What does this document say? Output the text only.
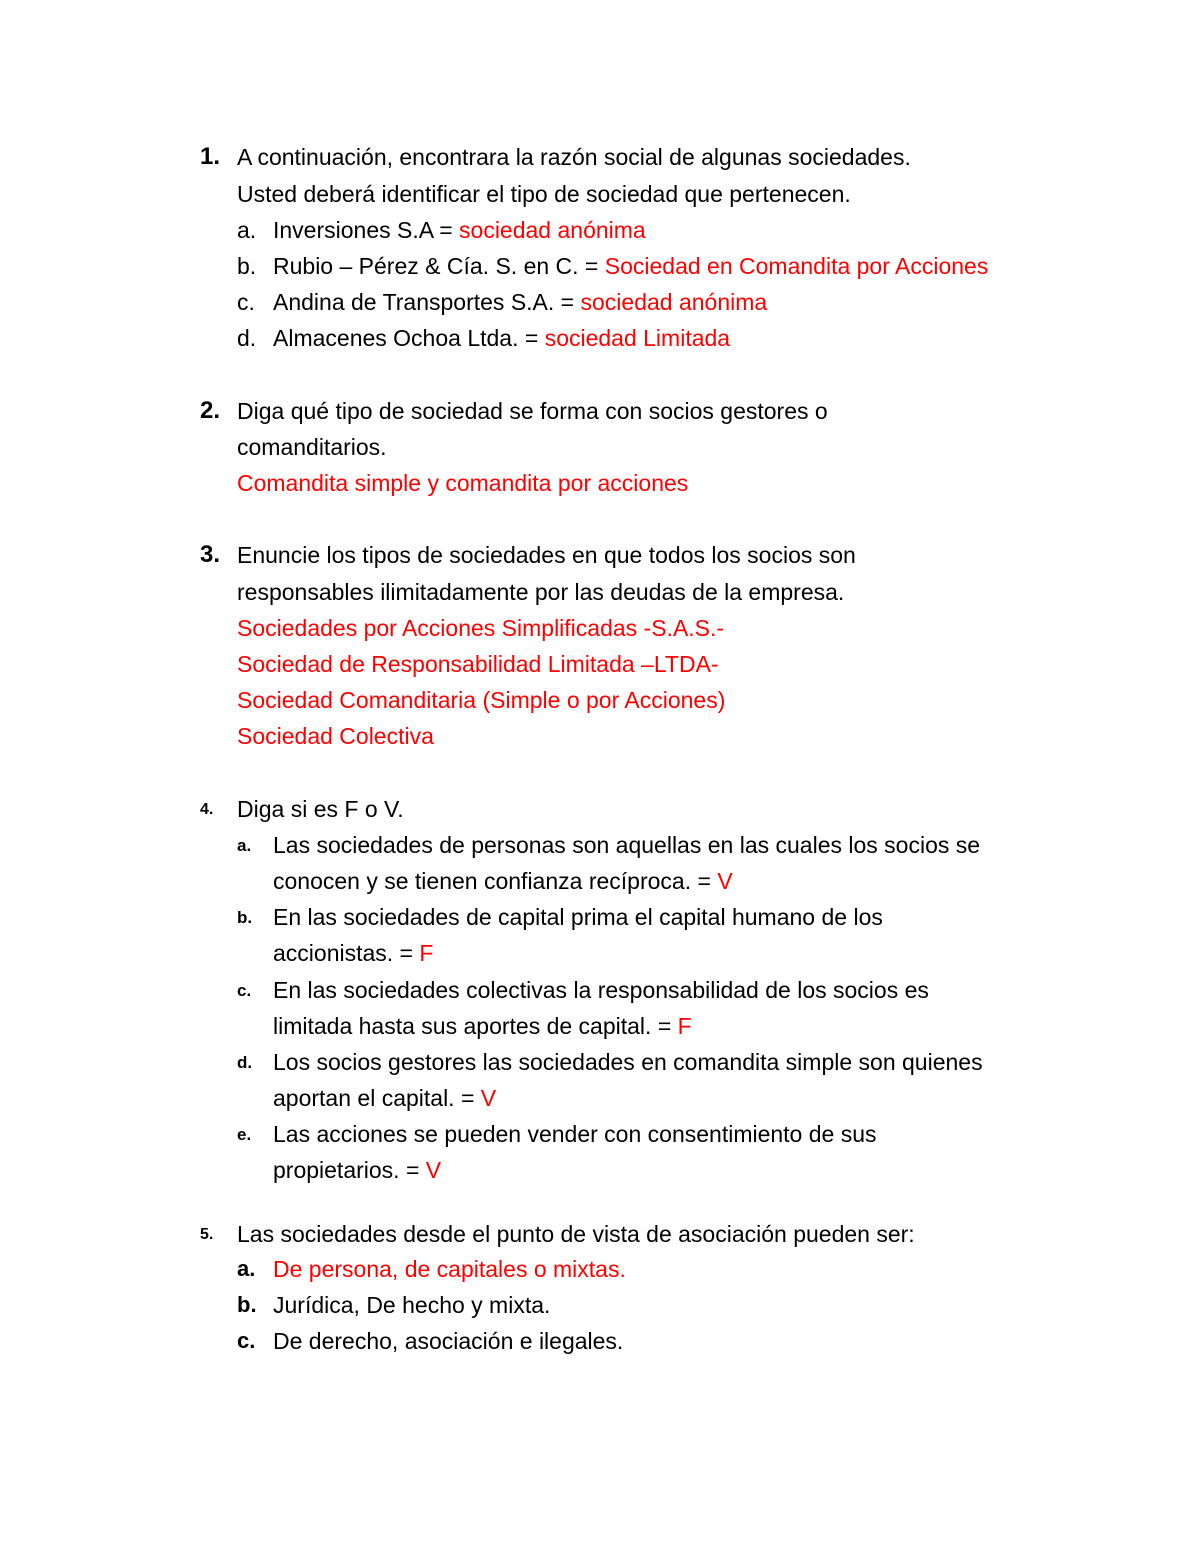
1. A continuación, encontrara la razón social de algunas sociedades.
Usted deberá identificar el tipo de sociedad que pertenecen.
a. Inversiones S.A = sociedad anónima
b. Rubio – Pérez & Cía. S. en C. = Sociedad en Comandita por Acciones
c. Andina de Transportes S.A. = sociedad anónima
d. Almacenes Ochoa Ltda. = sociedad Limitada
2. Diga qué tipo de sociedad se forma con socios gestores o
comanditarios.
Comandita simple y comandita por acciones
3. Enuncie los tipos de sociedades en que todos los socios son
responsables ilimitadamente por las deudas de la empresa.
Sociedades por Acciones Simplificadas -S.A.S.-
Sociedad de Responsabilidad Limitada –LTDA-
Sociedad Comanditaria (Simple o por Acciones)
Sociedad Colectiva
4. Diga si es F o V.
a. Las sociedades de personas son aquellas en las cuales los socios se
conocen y se tienen confianza recíproca. = V
b. En las sociedades de capital prima el capital humano de los
accionistas. = F
c. En las sociedades colectivas la responsabilidad de los socios es
limitada hasta sus aportes de capital. = F
d. Los socios gestores las sociedades en comandita simple son quienes
aportan el capital. = V
e. Las acciones se pueden vender con consentimiento de sus
propietarios. = V
5. Las sociedades desde el punto de vista de asociación pueden ser:
a. De persona, de capitales o mixtas.
b. Jurídica, De hecho y mixta.
c. De derecho, asociación e ilegales.
